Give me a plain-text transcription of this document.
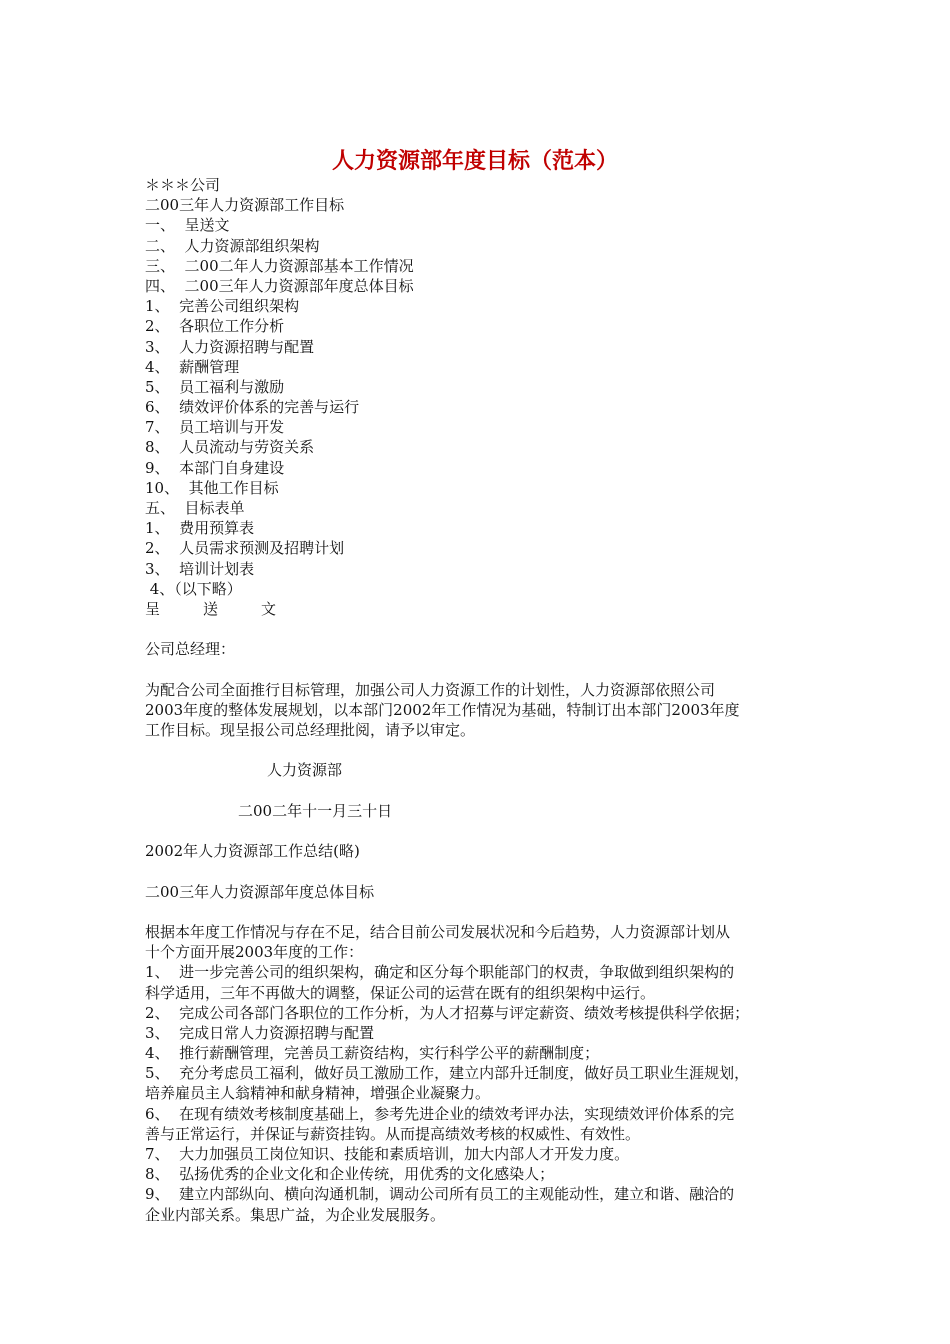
人力资源部年度目标（范本）
＊＊＊公司
二00三年人力资源部工作目标
一、  呈送文
二、  人力资源部组织架构
三、  二00二年人力资源部基本工作情况
四、  二00三年人力资源部年度总体目标
1、  完善公司组织架构
2、  各职位工作分析
3、  人力资源招聘与配置
4、  薪酬管理
5、  员工福利与激励
6、  绩效评价体系的完善与运行
7、  员工培训与开发
8、  人员流动与劳资关系
9、  本部门自身建设
10、  其他工作目标
五、  目标表单
1、  费用预算表
2、  人员需求预测及招聘计划
3、  培训计划表
4、（以下略）
呈	送	文
公司总经理：
为配合公司全面推行目标管理，加强公司人力资源工作的计划性，人力资源部依照公司
2003年度的整体发展规划，以本部门2002年工作情况为基础，特制订出本部门2003年度
工作目标。现呈报公司总经理批阅，请予以审定。
人力资源部
二00二年十一月三十日
2002年人力资源部工作总结(略)
二00三年人力资源部年度总体目标
根据本年度工作情况与存在不足，结合目前公司发展状况和今后趋势，人力资源部计划从
十个方面开展2003年度的工作：
1、  进一步完善公司的组织架构，确定和区分每个职能部门的权责，争取做到组织架构的
科学适用，三年不再做大的调整，保证公司的运营在既有的组织架构中运行。
2、  完成公司各部门各职位的工作分析，为人才招募与评定薪资、绩效考核提供科学依据；
3、  完成日常人力资源招聘与配置
4、  推行薪酬管理，完善员工薪资结构，实行科学公平的薪酬制度；
5、  充分考虑员工福利，做好员工激励工作，建立内部升迁制度，做好员工职业生涯规划，
培养雇员主人翁精神和献身精神，增强企业凝聚力。
6、  在现有绩效考核制度基础上，参考先进企业的绩效考评办法，实现绩效评价体系的完
善与正常运行，并保证与薪资挂钩。从而提高绩效考核的权威性、有效性。
7、  大力加强员工岗位知识、技能和素质培训，加大内部人才开发力度。
8、  弘扬优秀的企业文化和企业传统，用优秀的文化感染人；
9、  建立内部纵向、横向沟通机制，调动公司所有员工的主观能动性，建立和谐、融洽的
企业内部关系。集思广益，为企业发展服务。
